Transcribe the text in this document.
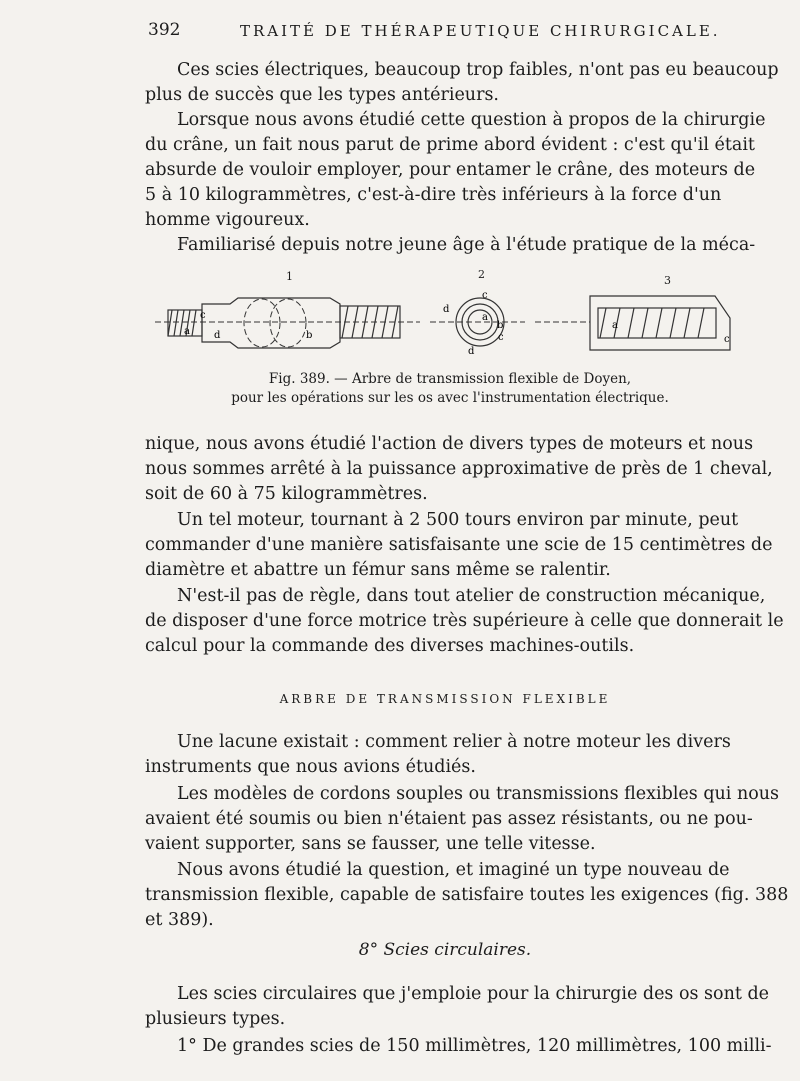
392	TRAITÉ DE THÉRAPEUTIQUE CHIRURGICALE.
Ces scies électriques, beaucoup trop faibles, n'ont pas eu beaucoup
plus de succès que les types antérieurs.
Lorsque nous avons étudié cette question à propos de la chirurgie
du crâne, un fait nous parut de prime abord évident : c'est qu'il était
absurde de vouloir employer, pour entamer le crâne, des moteurs de
5 à 10 kilogrammètres, c'est-à-dire très inférieurs à la force d'un
homme vigoureux.
Familiarisé depuis notre jeune âge à l'étude pratique de la méca-
1	2	3
c
a d	b
d
c
a
b
c
d
a
c
Fig. 389. — Arbre de transmission flexible de Doyen,
pour les opérations sur les os avec l'instrumentation électrique.
nique, nous avons étudié l'action de divers types de moteurs et nous
nous sommes arrêté à la puissance approximative de près de 1 cheval,
soit de 60 à 75 kilogrammètres.
Un tel moteur, tournant à 2 500 tours environ par minute, peut
commander d'une manière satisfaisante une scie de 15 centimètres de
diamètre et abattre un fémur sans même se ralentir.
N'est-il pas de règle, dans tout atelier de construction mécanique,
de disposer d'une force motrice très supérieure à celle que donnerait le
calcul pour la commande des diverses machines-outils.
ARBRE DE TRANSMISSION FLEXIBLE
Une lacune existait : comment relier à notre moteur les divers
instruments que nous avions étudiés.
Les modèles de cordons souples ou transmissions flexibles qui nous
avaient été soumis ou bien n'étaient pas assez résistants, ou ne pou-
vaient supporter, sans se fausser, une telle vitesse.
Nous avons étudié la question, et imaginé un type nouveau de
transmission flexible, capable de satisfaire toutes les exigences (fig. 388
et 389).
8° Scies circulaires.
Les scies circulaires que j'emploie pour la chirurgie des os sont de
plusieurs types.
1° De grandes scies de 150 millimètres, 120 millimètres, 100 milli-
